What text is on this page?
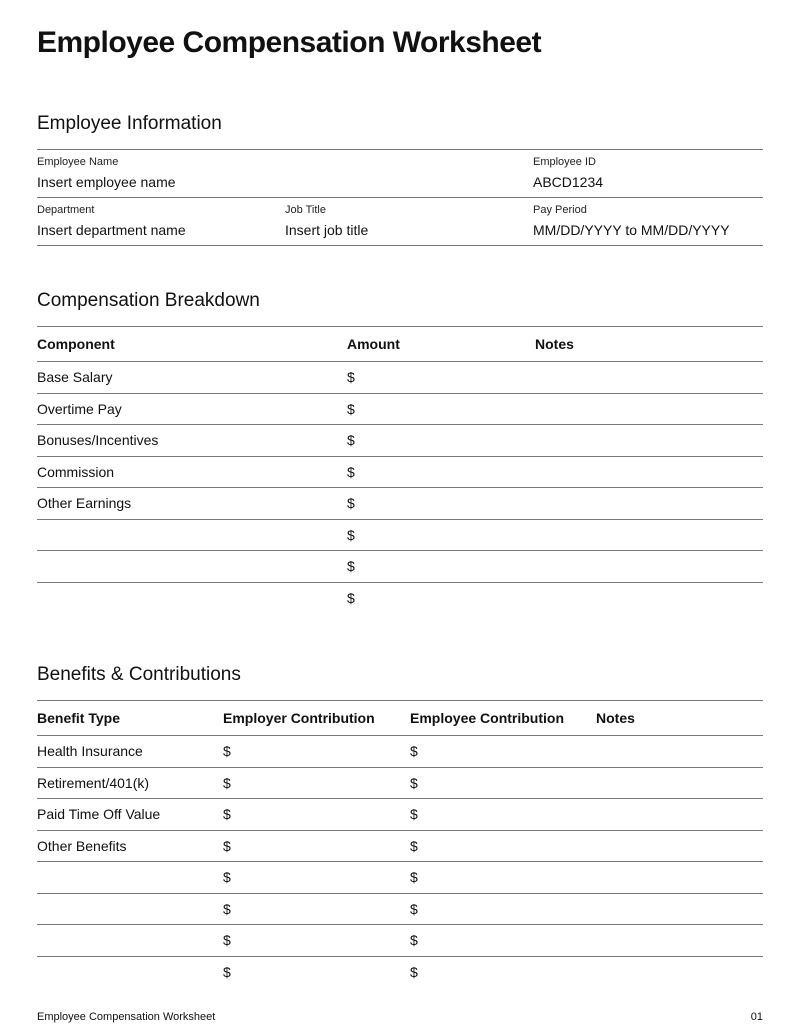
Employee Compensation Worksheet
Employee Information
Employee Name
Insert employee name
Employee ID
ABCD1234
Department
Insert department name
Job Title
Insert job title
Pay Period
MM/DD/YYYY to MM/DD/YYYY
Compensation Breakdown
Component	Amount	Notes
Base Salary	$	
Overtime Pay	$	
Bonuses/Incentives	$	
Commission	$	
Other Earnings	$	
	$	
	$	
	$	
Benefits & Contributions
Benefit Type	Employer Contribution	Employee Contribution	Notes
Health Insurance	$	$	
Retirement/401(k)	$	$	
Paid Time Off Value	$	$	
Other Benefits	$	$	
	$	$	
	$	$	
	$	$	
	$	$	
Employee Compensation Worksheet	01
